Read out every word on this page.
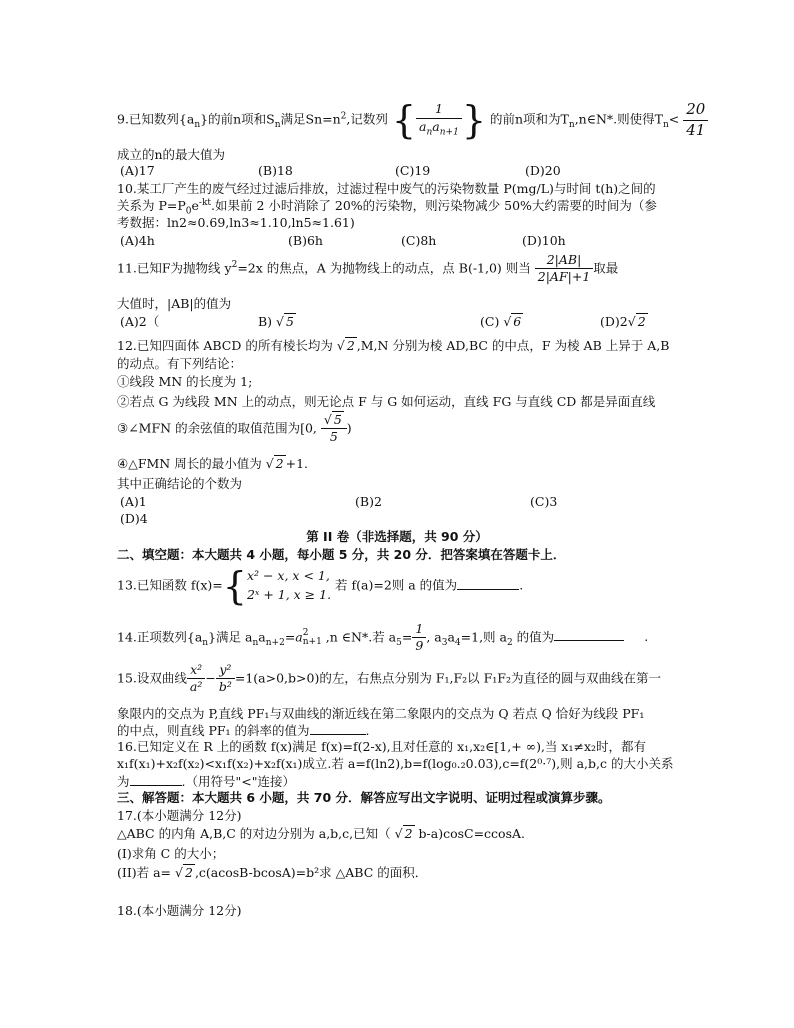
9.已知数列$\{a_n\}$的前n项和$S_n$满足$Sn=n^2$,记数列 { $\frac{1}{a_na_{n+1}}$ } 的前n项和为$T_n,n\in N*$.则使得$T_n< \frac{20}{41}$
成立的n的最大值为
(A)17	(B)18	(C)19	(D)20
10.某工厂产生的废气经过过滤后排放，过滤过程中废气的污染物数量 P(mg/L)与时间 t(h)之间的
关系为 $P=P_0e^{-kt}$.如果前 2 小时消除了 20%的污染物，则污染物减少 50%大约需要的时间为（参
考数据：ln2≈0.69,ln3≈1.10,ln5≈1.61)
(A)4h	(B)6h	(C)8h	(D)10h
11.已知F为抛物线 $y^2=2x$ 的焦点，A 为抛物线上的动点，点 B(-1,0) 则当 $\frac{2|AB|}{2|AF|+1}$ 取最
大值时，|AB|的值为
(A)2（	B) √ 5	(C) √ 6	(D)2√ 2
12.已知四面体 ABCD 的所有棱长均为 √ 2 ,M,N 分别为棱 AD,BC 的中点，F 为棱 AB 上异于 A,B
的动点。有下列结论：
①线段 MN 的长度为 1;
②若点 G 为线段 MN 上的动点，则无论点 F 与 G 如何运动，直线 FG 与直线 CD 都是异面直线
③∠MFN 的余弦值的取值范围为[0, $\frac{√ 5}{5}$ )
④△FMN 周长的最小值为 √ 2 +1.
其中正确结论的个数为
(A)1	(B)2	(C)3
(D)4
第 II 卷（非选择题，共 90 分）
二、填空题：本大题共 4 小题，每小题 5 分，共 20 分．把答案填在答题卡上．
13.已知函数 f(x)={ x² − x, x < 1,
2ˣ + 1, x ≥ 1.
若 f(a)=2则 a 的值为	.
14.正项数列$\{a_n\}$满足 $a_na_{n+2}=a$ 2
n+1 ,n ∈N*.若 $a_5= \frac{1}{9}$ , $a_3a_4=1$,则 $a_2$ 的值为	.
15.设双曲线 $\frac{\text{x²}}{\text{a²}} - \frac{\text{y²}}{\text{b²}} =1(a>0,b>0)$的左，右焦点分别为 F₁,F₂以 F₁F₂为直径的圆与双曲线在第一
象限内的交点为 P,直线 PF₁与双曲线的渐近线在第二象限内的交点为 Q 若点 Q 恰好为线段 PF₁
的中点，则直线 PF₁ 的斜率的值为	.
16.已知定义在 R 上的函数 f(x)满足 f(x)=f(2-x),且对任意的 x₁,x₂∈[1,+ ∞),当 x₁≠x₂时，都有
x₁f(x₁)+x₂f(x₂)<x₁f(x₂)+x₂f(x₁)成立.若 a=f(ln2),b=f(log₀.₂0.03),c=f(2⁰·⁷),则 a,b,c 的大小关系
为	.（用符号"<"连接）
三、解答题：本大题共 6 小题，共 70 分．解答应写出文字说明、证明过程或演算步骤。
17.(本小题满分 12分)
△ABC 的内角 A,B,C 的对边分别为 a,b,c,已知（ √ 2 b-a)cosC=ccosA.
(I)求角 C 的大小；
(II)若 a= √ 2 ,c(acosB-bcosA)=b²求 △ABC 的面积．
18.(本小题满分 12分)
